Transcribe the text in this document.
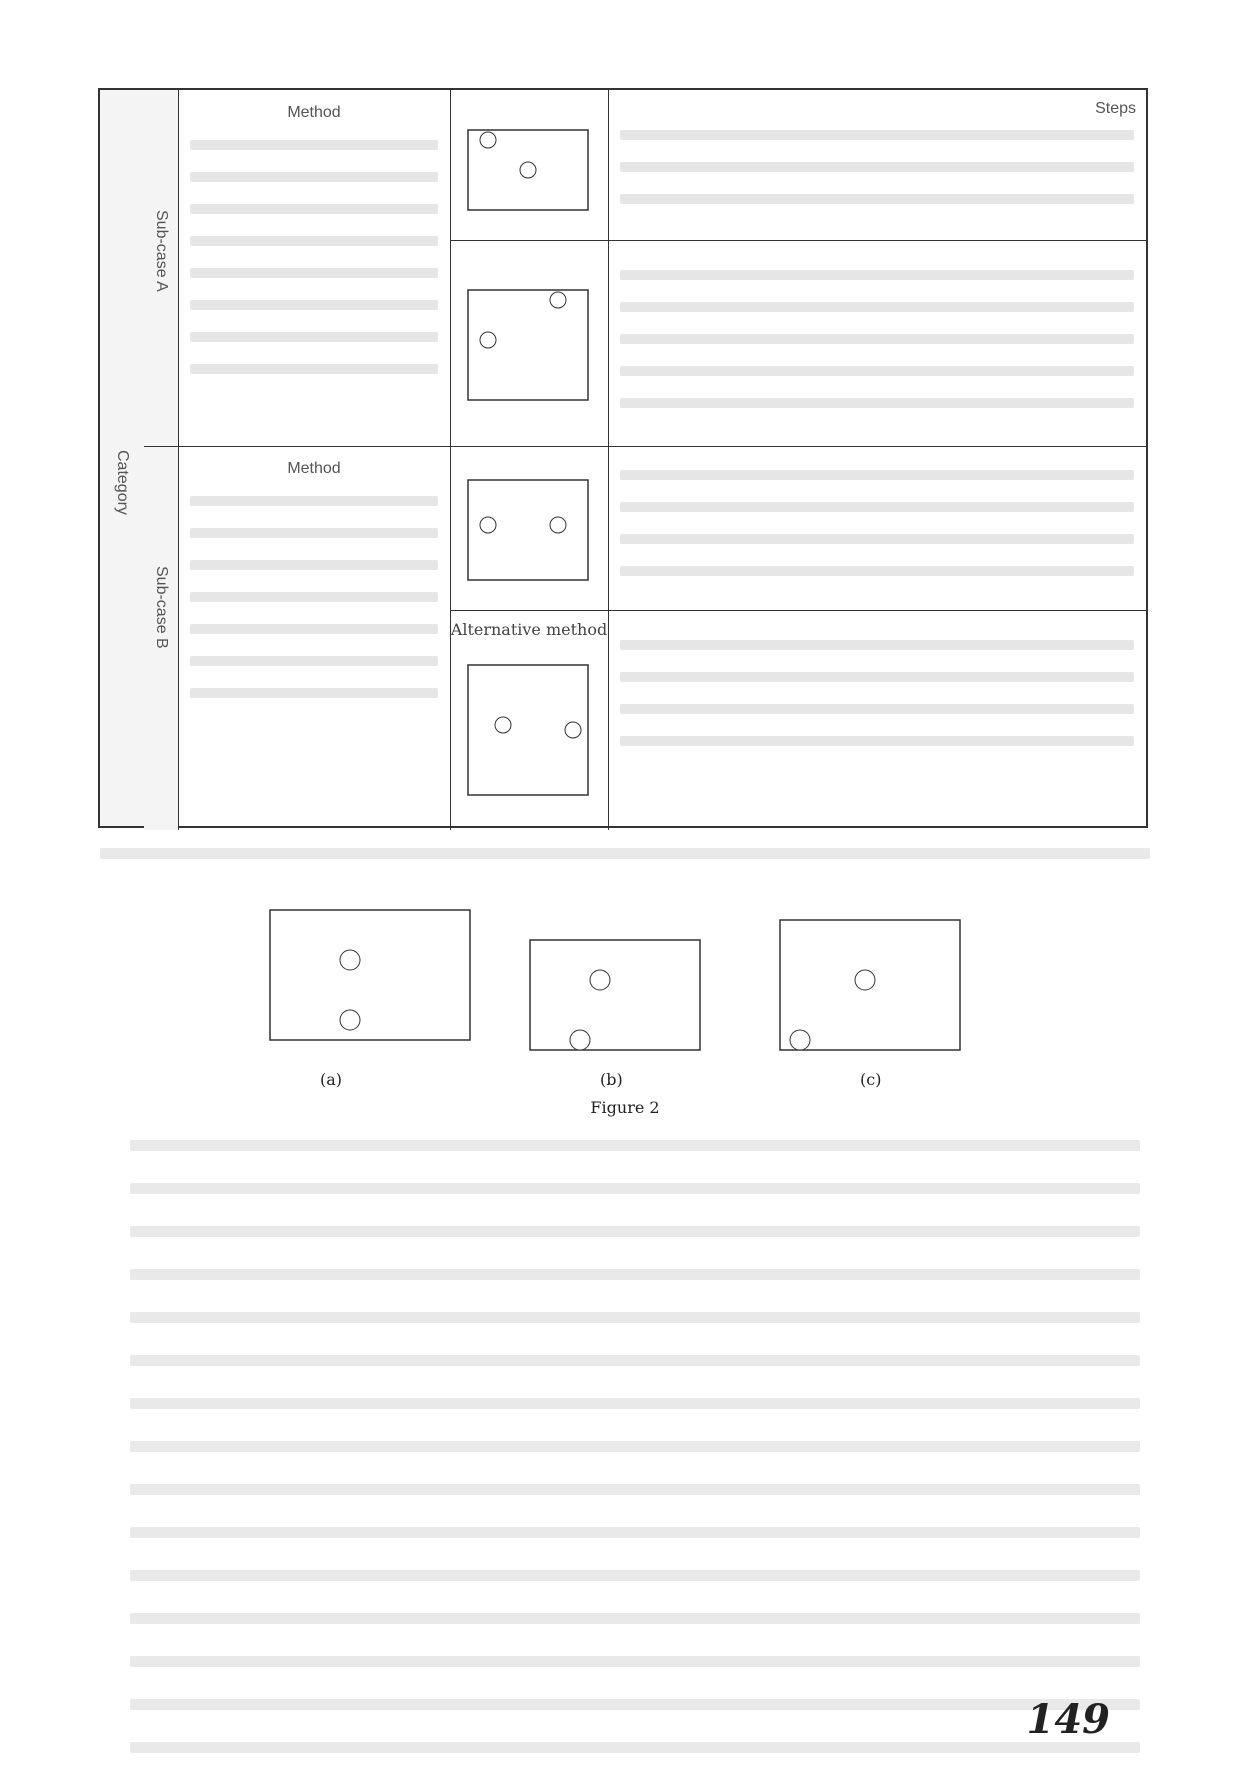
Category
Sub-case A
Sub-case B
Method
Method
Alternative method
Steps
(a)	(b)	(c)
Figure 2
149
